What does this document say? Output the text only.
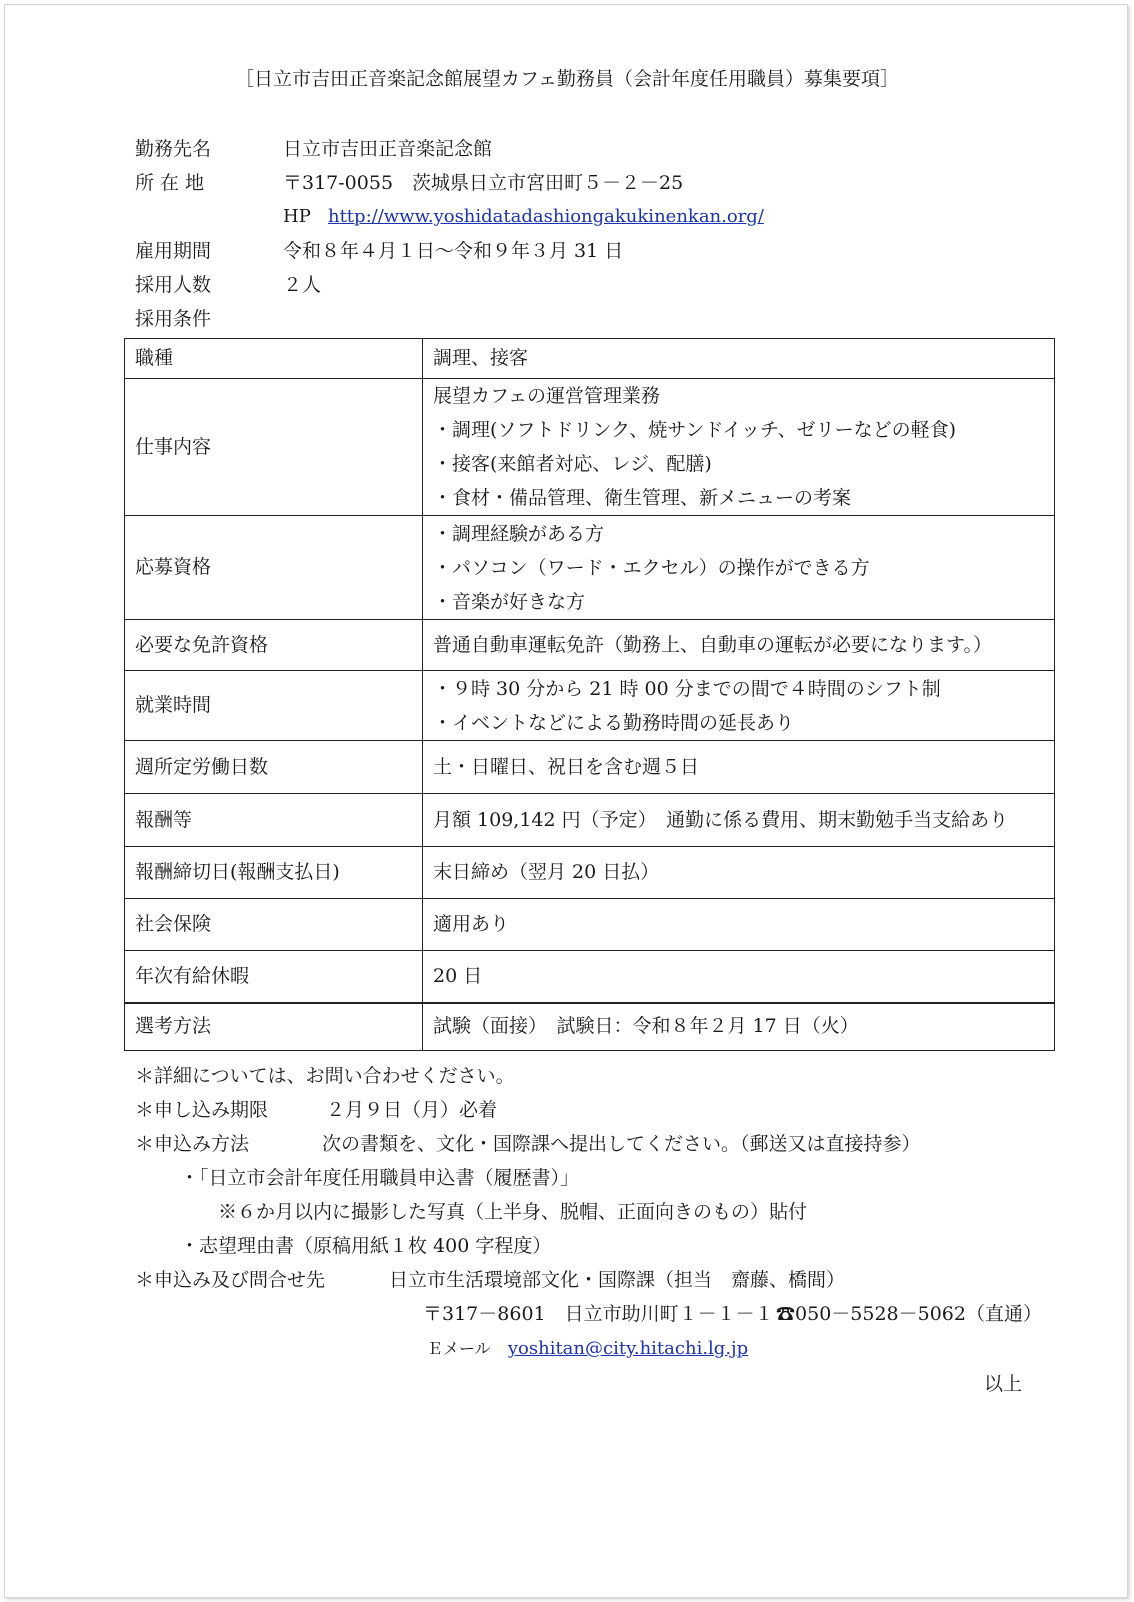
［日立市吉田正音楽記念館展望カフェ勤務員（会計年度任用職員）募集要項］
勤務先名	日立市吉田正音楽記念館
所 在 地	〒317-0055　茨城県日立市宮田町５－２－25
HP http://www.yoshidatadashiongakukinenkan.org/
雇用期間	令和８年４月１日～令和９年３月 31 日
採用人数	２人
採用条件
職種	調理、接客
仕事内容	展望カフェの運営管理業務
・調理(ソフトドリンク、焼サンドイッチ、ゼリーなどの軽食)
・接客(来館者対応、レジ、配膳)
・食材・備品管理、衛生管理、新メニューの考案

応募資格	・調理経験がある方
・パソコン（ワード・エクセル）の操作ができる方
・音楽が好きな方

必要な免許資格	普通自動車運転免許（勤務上、自動車の運転が必要になります。）
就業時間	・９時 30 分から 21 時 00 分までの間で４時間のシフト制
・イベントなどによる勤務時間の延長あり

週所定労働日数	土・日曜日、祝日を含む週５日
報酬等	月額 109,142 円（予定）　通勤に係る費用、期末勤勉手当支給あり
報酬締切日(報酬支払日)	末日締め（翌月 20 日払）
社会保険	適用あり
年次有給休暇	20 日
選考方法	試験（面接）　試験日：令和８年２月 17 日（火）
＊詳細については、お問い合わせください。
＊申し込み期限	２月９日（月）必着
＊申込み方法	次の書類を、文化・国際課へ提出してください。（郵送又は直接持参）
・「日立市会計年度任用職員申込書（履歴書）」
※６か月以内に撮影した写真（上半身、脱帽、正面向きのもの）貼付
・志望理由書（原稿用紙１枚 400 字程度）
＊申込み及び問合せ先	日立市生活環境部文化・国際課（担当　齋藤、橋間）
〒317－8601　日立市助川町１－１－１ ☎050－5528－5062（直通）
Ｅメール yoshitan@city.hitachi.lg.jp
以上
